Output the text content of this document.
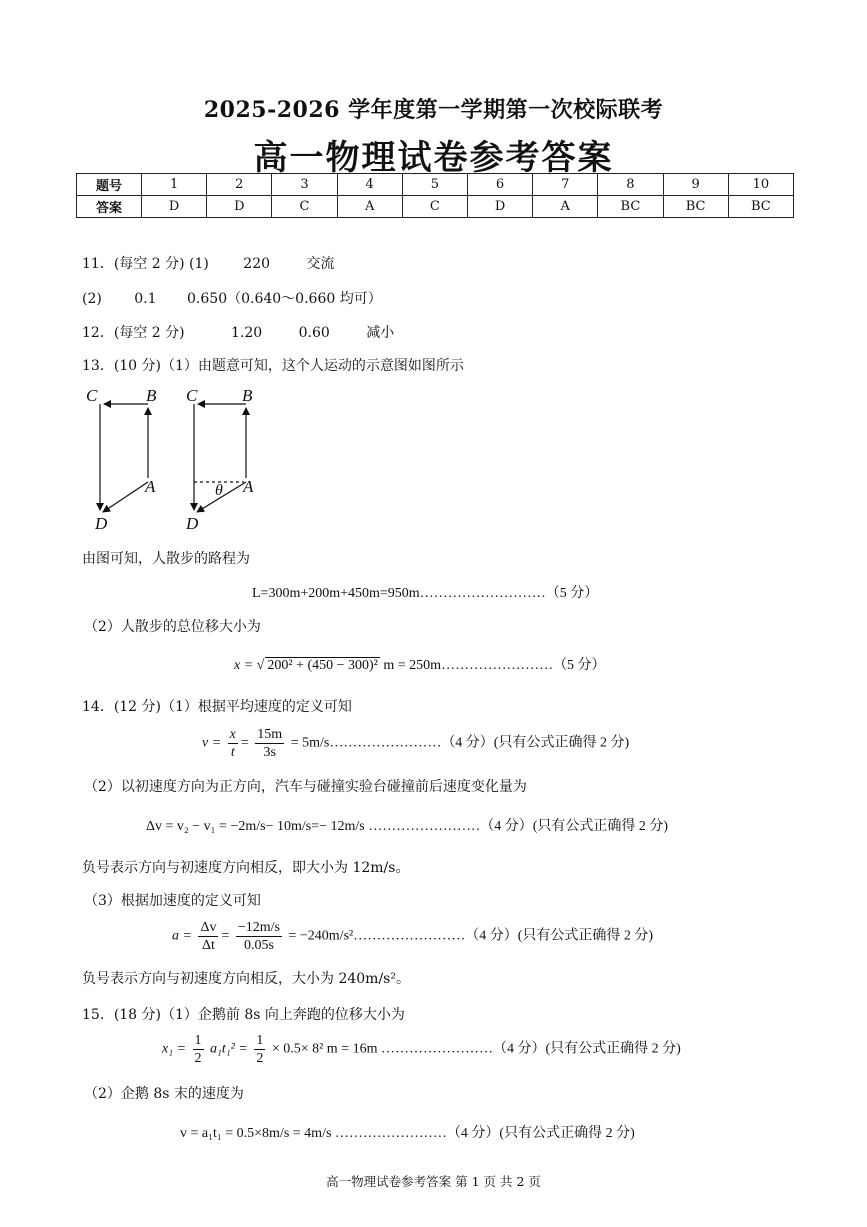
2025-2026 学年度第一学期第一次校际联考
高一物理试卷参考答案
题号	1	2	3	4	5	6	7	8	9	10
答案	D	D	C	A	C	D	A	BC	BC	BC
11．(每空 2 分) (1) 220	交流
(2) 0.1 0.650（0.640～0.660 均可）
12．(每空 2 分)	1.20	0.60	减小
13．(10 分)（1）由题意可知，这个人运动的示意图如图所示
C	B
A
D
C	B
A
D
θ
由图可知，人散步的路程为
L=300m+200m+450m=950m………………………（5 分）
（2）人散步的总位移大小为
x = √ 200² + (450 − 300)² m = 250m……………………（5 分）
14．(12 分)（1）根据平均速度的定义可知
$v = \frac{x}{t} = \frac{15m}{3s}$ = 5m/s……………………（4 分）(只有公式正确得 2 分)
（2）以初速度方向为正方向，汽车与碰撞实验台碰撞前后速度变化量为
Δv = v₂ − v₁ = −2m/s− 10m/s=− 12m/s ……………………（4 分）(只有公式正确得 2 分)
负号表示方向与初速度方向相反，即大小为 12m/s。
（3）根据加速度的定义可知
$a = \frac{\Delta v}{\Delta t} = \frac{-12m/s}{0.05s}$ = −240m/s²……………………（4 分）(只有公式正确得 2 分)
负号表示方向与初速度方向相反，大小为 240m/s²。
15．(18 分)（1）企鹅前 8s 向上奔跑的位移大小为
$x_1 = \frac{1}{2} a_1t_1^2 = \frac{1}{2} \times 0.5\times 8^2$ m = 16m ……………………（4 分）(只有公式正确得 2 分)
（2）企鹅 8s 末的速度为
v = a₁t₁ = 0.5×8m/s = 4m/s ……………………（4 分）(只有公式正确得 2 分)
高一物理试卷参考答案 第 1 页 共 2 页
